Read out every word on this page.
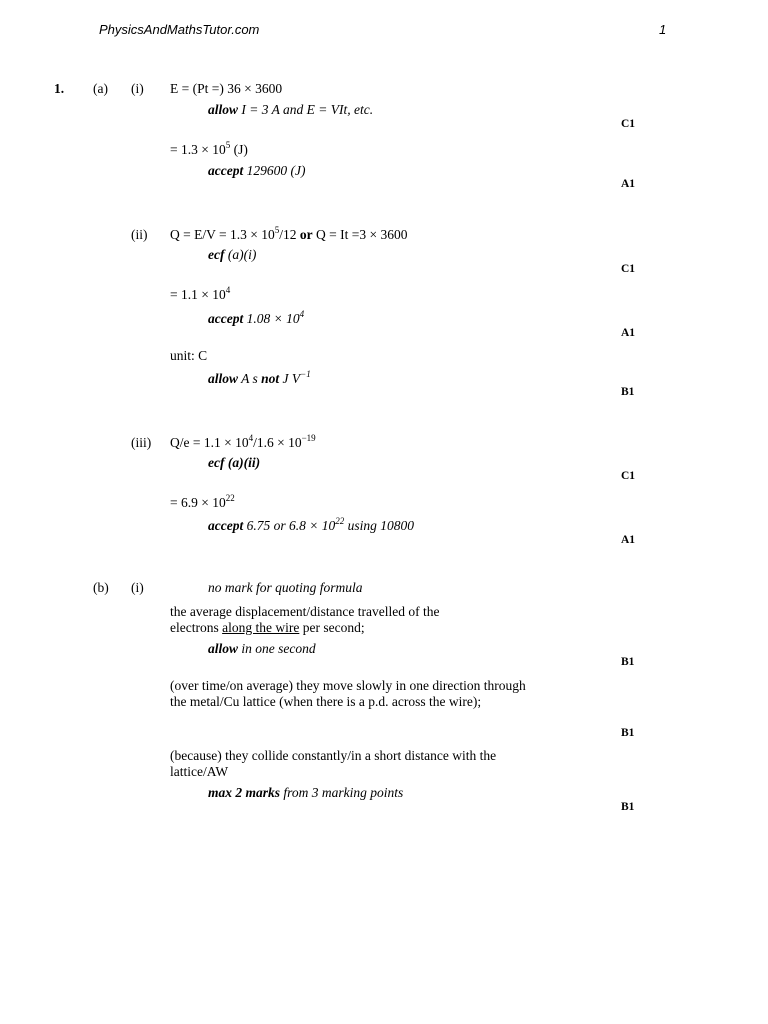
PhysicsAndMathsTutor.com	1
1. (a) (i) E = (Pt =) 36 × 3600
allow I = 3 A and E = VIt, etc.
C1
= $1.3 \times 10^5$ (J)
accept 129600 (J)
A1
(ii) $Q = E/V = 1.3 \times 10^5/12$ or Q = It =3 × 3600
ecf (a)(i)
C1
= $1.1 \times 10^4$
accept $1.08 \times 10^4$
A1
unit: C
allow A s not J $V^{-1}$
B1
(iii) $Q/e = 1.1 \times 10^4/1.6 \times 10^{-19}$
ecf (a)(ii)
C1
= $6.9 \times 10^{22}$
accept 6.75 or $6.8 \times 10^{22}$ using 10800
A1
(b) (i)	no mark for quoting formula
the average displacement/distance travelled of the electrons along the wire per second;
allow in one second
B1
(over time/on average) they move slowly in one direction through the metal/Cu lattice (when there is a p.d. across the wire);
B1
(because) they collide constantly/in a short distance with the lattice/AW
max 2 marks from 3 marking points
B1
